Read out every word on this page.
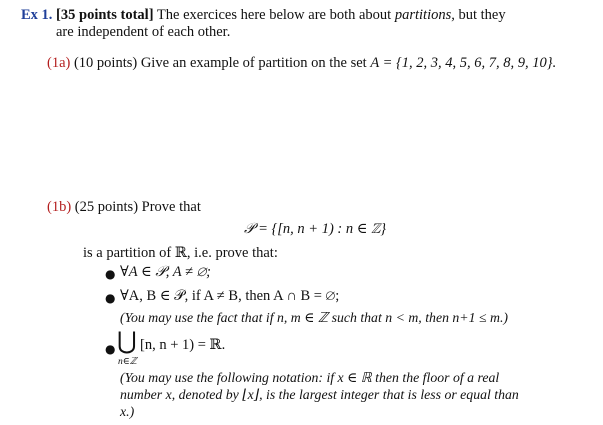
Ex 1. [35 points total] The exercices here below are both about partitions, but they
are independent of each other.
(1a) (10 points) Give an example of partition on the set A = {1, 2, 3, 4, 5, 6, 7, 8, 9, 10}.
(1b) (25 points) Prove that
𝒫 = {[n, n + 1) : n ∈ ℤ}
is a partition of ℝ, i.e. prove that:
● ∀A ∈ 𝒫, A ≠ ∅;
● ∀A, B ∈ 𝒫, if A ≠ B, then A ∩ B = ∅;
(You may use the fact that if n, m ∈ ℤ such that n < m, then n+1 ≤ m.)
● ⋃
n∈ℤ
[n, n + 1) = ℝ.
(You may use the following notation: if x ∈ ℝ then the floor of a real
number x, denoted by ⌊x⌋, is the largest integer that is less or equal than
x.)
